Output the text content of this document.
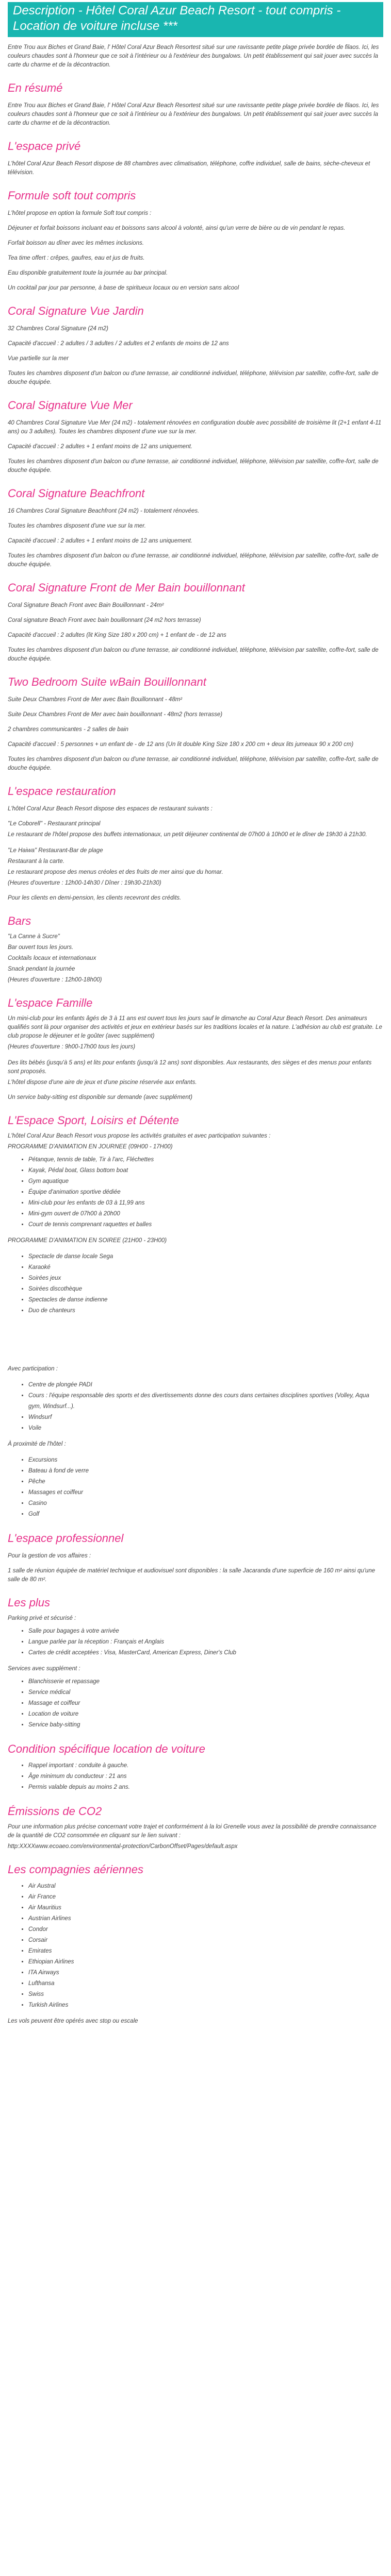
Description - Hôtel Coral Azur Beach Resort - tout compris - Location de voiture incluse ***

Entre Trou aux Biches et Grand Baie, l' Hôtel Coral Azur Beach Resortest situé sur une ravissante petite plage privée bordée de filaos. Ici, les couleurs chaudes sont à l'honneur que ce soit à l'intérieur ou à l'extérieur des bungalows. Un petit établissement qui sait jouer avec succès la carte du charme et de la décontraction.

En résumé

Entre Trou aux Biches et Grand Baie, l' Hôtel Coral Azur Beach Resortest situé sur une ravissante petite plage privée bordée de filaos. Ici, les couleurs chaudes sont à l'honneur que ce soit à l'intérieur ou à l'extérieur des bungalows. Un petit établissement qui sait jouer avec succès la carte du charme et de la décontraction.

L'espace privé

L'hôtel Coral Azur Beach Resort dispose de 88 chambres avec climatisation, téléphone, coffre individuel, salle de bains, sèche-cheveux et télévision.

Formule soft tout compris

L'hôtel propose en option la formule Soft tout compris :

Déjeuner et forfait boissons incluant eau et boissons sans alcool à volonté, ainsi qu'un verre de bière ou de vin pendant le repas.

Forfait boisson au dîner avec les mêmes inclusions.

Tea time offert : crêpes, gaufres, eau et jus de fruits.

Eau disponible gratuitement toute la journée au bar principal.

Un cocktail par jour par personne, à base de spiritueux locaux ou en version sans alcool

Coral Signature Vue Jardin

32 Chambres Coral Signature (24 m2)

Capacité d'accueil : 2 adultes / 3 adultes / 2 adultes et 2 enfants de moins de 12 ans

Vue partielle sur la mer

Toutes les chambres disposent d'un balcon ou d'une terrasse, air conditionné individuel, téléphone, télévision par satellite, coffre-fort, salle de douche équipée.

Coral Signature Vue Mer

40 Chambres Coral Signature Vue Mer (24 m2) - totalement rénovées en configuration double avec possibilité de troisième lit (2+1 enfant 4-11 ans) ou 3 adultes). Toutes les chambres disposent d'une vue sur la mer.

Capacité d'accueil : 2 adultes + 1 enfant moins de 12 ans uniquement.

Toutes les chambres disposent d'un balcon ou d'une terrasse, air conditionné individuel, téléphone, télévision par satellite, coffre-fort, salle de douche équipée.

Coral Signature Beachfront

16 Chambres Coral Signature Beachfront (24 m2) - totalement rénovées.

Toutes les chambres disposent d'une vue sur la mer.

Capacité d'accueil : 2 adultes + 1 enfant moins de 12 ans uniquement.

Toutes les chambres disposent d'un balcon ou d'une terrasse, air conditionné individuel, téléphone, télévision par satellite, coffre-fort, salle de douche équipée.

Coral Signature Front de Mer Bain bouillonnant

Coral Signature Beach Front avec Bain Bouillonnant - 24m²

Coral signature Beach Front avec bain bouillonnant (24 m2 hors terrasse)

Capacité d'accueil : 2 adultes (lit King Size 180 x 200 cm) + 1 enfant de - de 12 ans

Toutes les chambres disposent d'un balcon ou d'une terrasse, air conditionné individuel, téléphone, télévision par satellite, coffre-fort, salle de douche équipée.

Two Bedroom Suite wBain Bouillonnant

Suite Deux Chambres Front de Mer avec Bain Bouillonnant - 48m²

Suite Deux Chambres Front de Mer avec bain bouillonnant - 48m2 (hors terrasse)

2 chambres communicantes - 2 salles de bain

Capacité d'accueil : 5 personnes + un enfant de - de 12 ans (Un lit double King Size 180 x 200 cm + deux lits jumeaux 90 x 200 cm)

Toutes les chambres disposent d'un balcon ou d'une terrasse, air conditionné individuel, téléphone, télévision par satellite, coffre-fort, salle de douche équipée.

L'espace restauration

L'hôtel Coral Azur Beach Resort dispose des espaces de restaurant suivants :

"Le Coborell" - Restaurant principal

Le restaurant de l'hôtel propose des buffets internationaux, un petit déjeuner continental de 07h00 à 10h00 et le dîner de 19h30 à 21h30.

"Le Haiwa" Restaurant-Bar de plage

Restaurant à la carte.

Le restaurant propose des menus créoles et des fruits de mer ainsi que du homar.

(Heures d'ouverture : 12h00-14h30 / Dîner : 19h30-21h30)

Pour les clients en demi-pension, les clients recevront des crédits.

Bars

"La Canne à Sucre"

Bar ouvert tous les jours.

Cocktails locaux et internationaux

Snack pendant la journée

(Heures d'ouverture : 12h00-18h00)

L'espace Famille

Un mini-club pour les enfants âgés de 3 à 11 ans est ouvert tous les jours sauf le dimanche au Coral Azur Beach Resort. Des animateurs qualifiés sont là pour organiser des activités et jeux en extérieur basés sur les traditions locales et la nature. L'adhésion au club est gratuite. Le club propose le déjeuner et le goûter (avec supplément)

(Heures d'ouverture : 9h00-17h00 tous les jours)

Des lits bébés (jusqu'à 5 ans) et lits pour enfants (jusqu'à 12 ans) sont disponibles. Aux restaurants, des sièges et des menus pour enfants sont proposés.

L'hôtel dispose d'une aire de jeux et d'une piscine réservée aux enfants.

Un service baby-sitting est disponible sur demande (avec supplément)

L'Espace Sport, Loisirs et Détente

L'hôtel Coral Azur Beach Resort vous propose les activités gratuites et avec participation suivantes :

PROGRAMME D'ANIMATION EN JOURNEE (09H00 - 17H00)

• Pétanque, tennis de table, Tir à l'arc, Fléchettes
• Kayak, Pédal boat, Glass bottom boat
• Gym aquatique
• Équipe d'animation sportive dédiée
• Mini-club pour les enfants de 03 à 11,99 ans
• Mini-gym ouvert de 07h00 à 20h00
• Court de tennis comprenant raquettes et balles

PROGRAMME D'ANIMATION EN SOIREE (21H00 - 23H00)

• Spectacle de danse locale Sega
• Karaoké
• Soirées jeux
• Soirées discothèque
• Spectacles de danse indienne
• Duo de chanteurs

Avec participation :

• Centre de plongée PADI
• Cours : l'équipe responsable des sports et des divertissements donne des cours dans certaines disciplines sportives (Volley, Aqua gym, Windsurf...).
• Windsurf
• Voile

À proximité de l'hôtel :

• Excursions
• Bateau à fond de verre
• Pêche
• Massages et coiffeur
• Casino
• Golf
L'espace professionnel

Pour la gestion de vos affaires :

1 salle de réunion équipée de matériel technique et audiovisuel sont disponibles : la salle Jacaranda d'une superficie de 160 m² ainsi qu'une salle de 80 m².

Les plus

Parking privé et sécurisé :

• Salle pour bagages à votre arrivée
• Langue parlée par la réception : Français et Anglais
• Cartes de crédit acceptées : Visa, MasterCard, American Express, Diner's Club

Services avec supplément :

• Blanchisserie et repassage
• Service médical
• Massage et coiffeur
• Location de voiture
• Service baby-sitting
Condition spécifique location de voiture
• Rappel important : conduite à gauche.
• Âge minimum du conducteur : 21 ans
• Permis valable depuis au moins 2 ans.
Émissions de CO2

Pour une information plus précise concernant votre trajet et conformément à la loi Grenelle vous avez la possibilité de prendre connaissance de la quantité de CO2 consommée en cliquant sur le lien suivant :

http:XXXXwww.ecoaeo.com/environmental-protection/CarbonOffset/Pages/default.aspx

Les compagnies aériennes
• Air Austral
• Air France
• Air Mauritius
• Austrian Airlines
• Condor
• Corsair
• Emirates
• Ethiopian Airlines
• ITA Airways
• Lufthansa
• Swiss
• Turkish Airlines

Les vols peuvent être opérés avec stop ou escale
